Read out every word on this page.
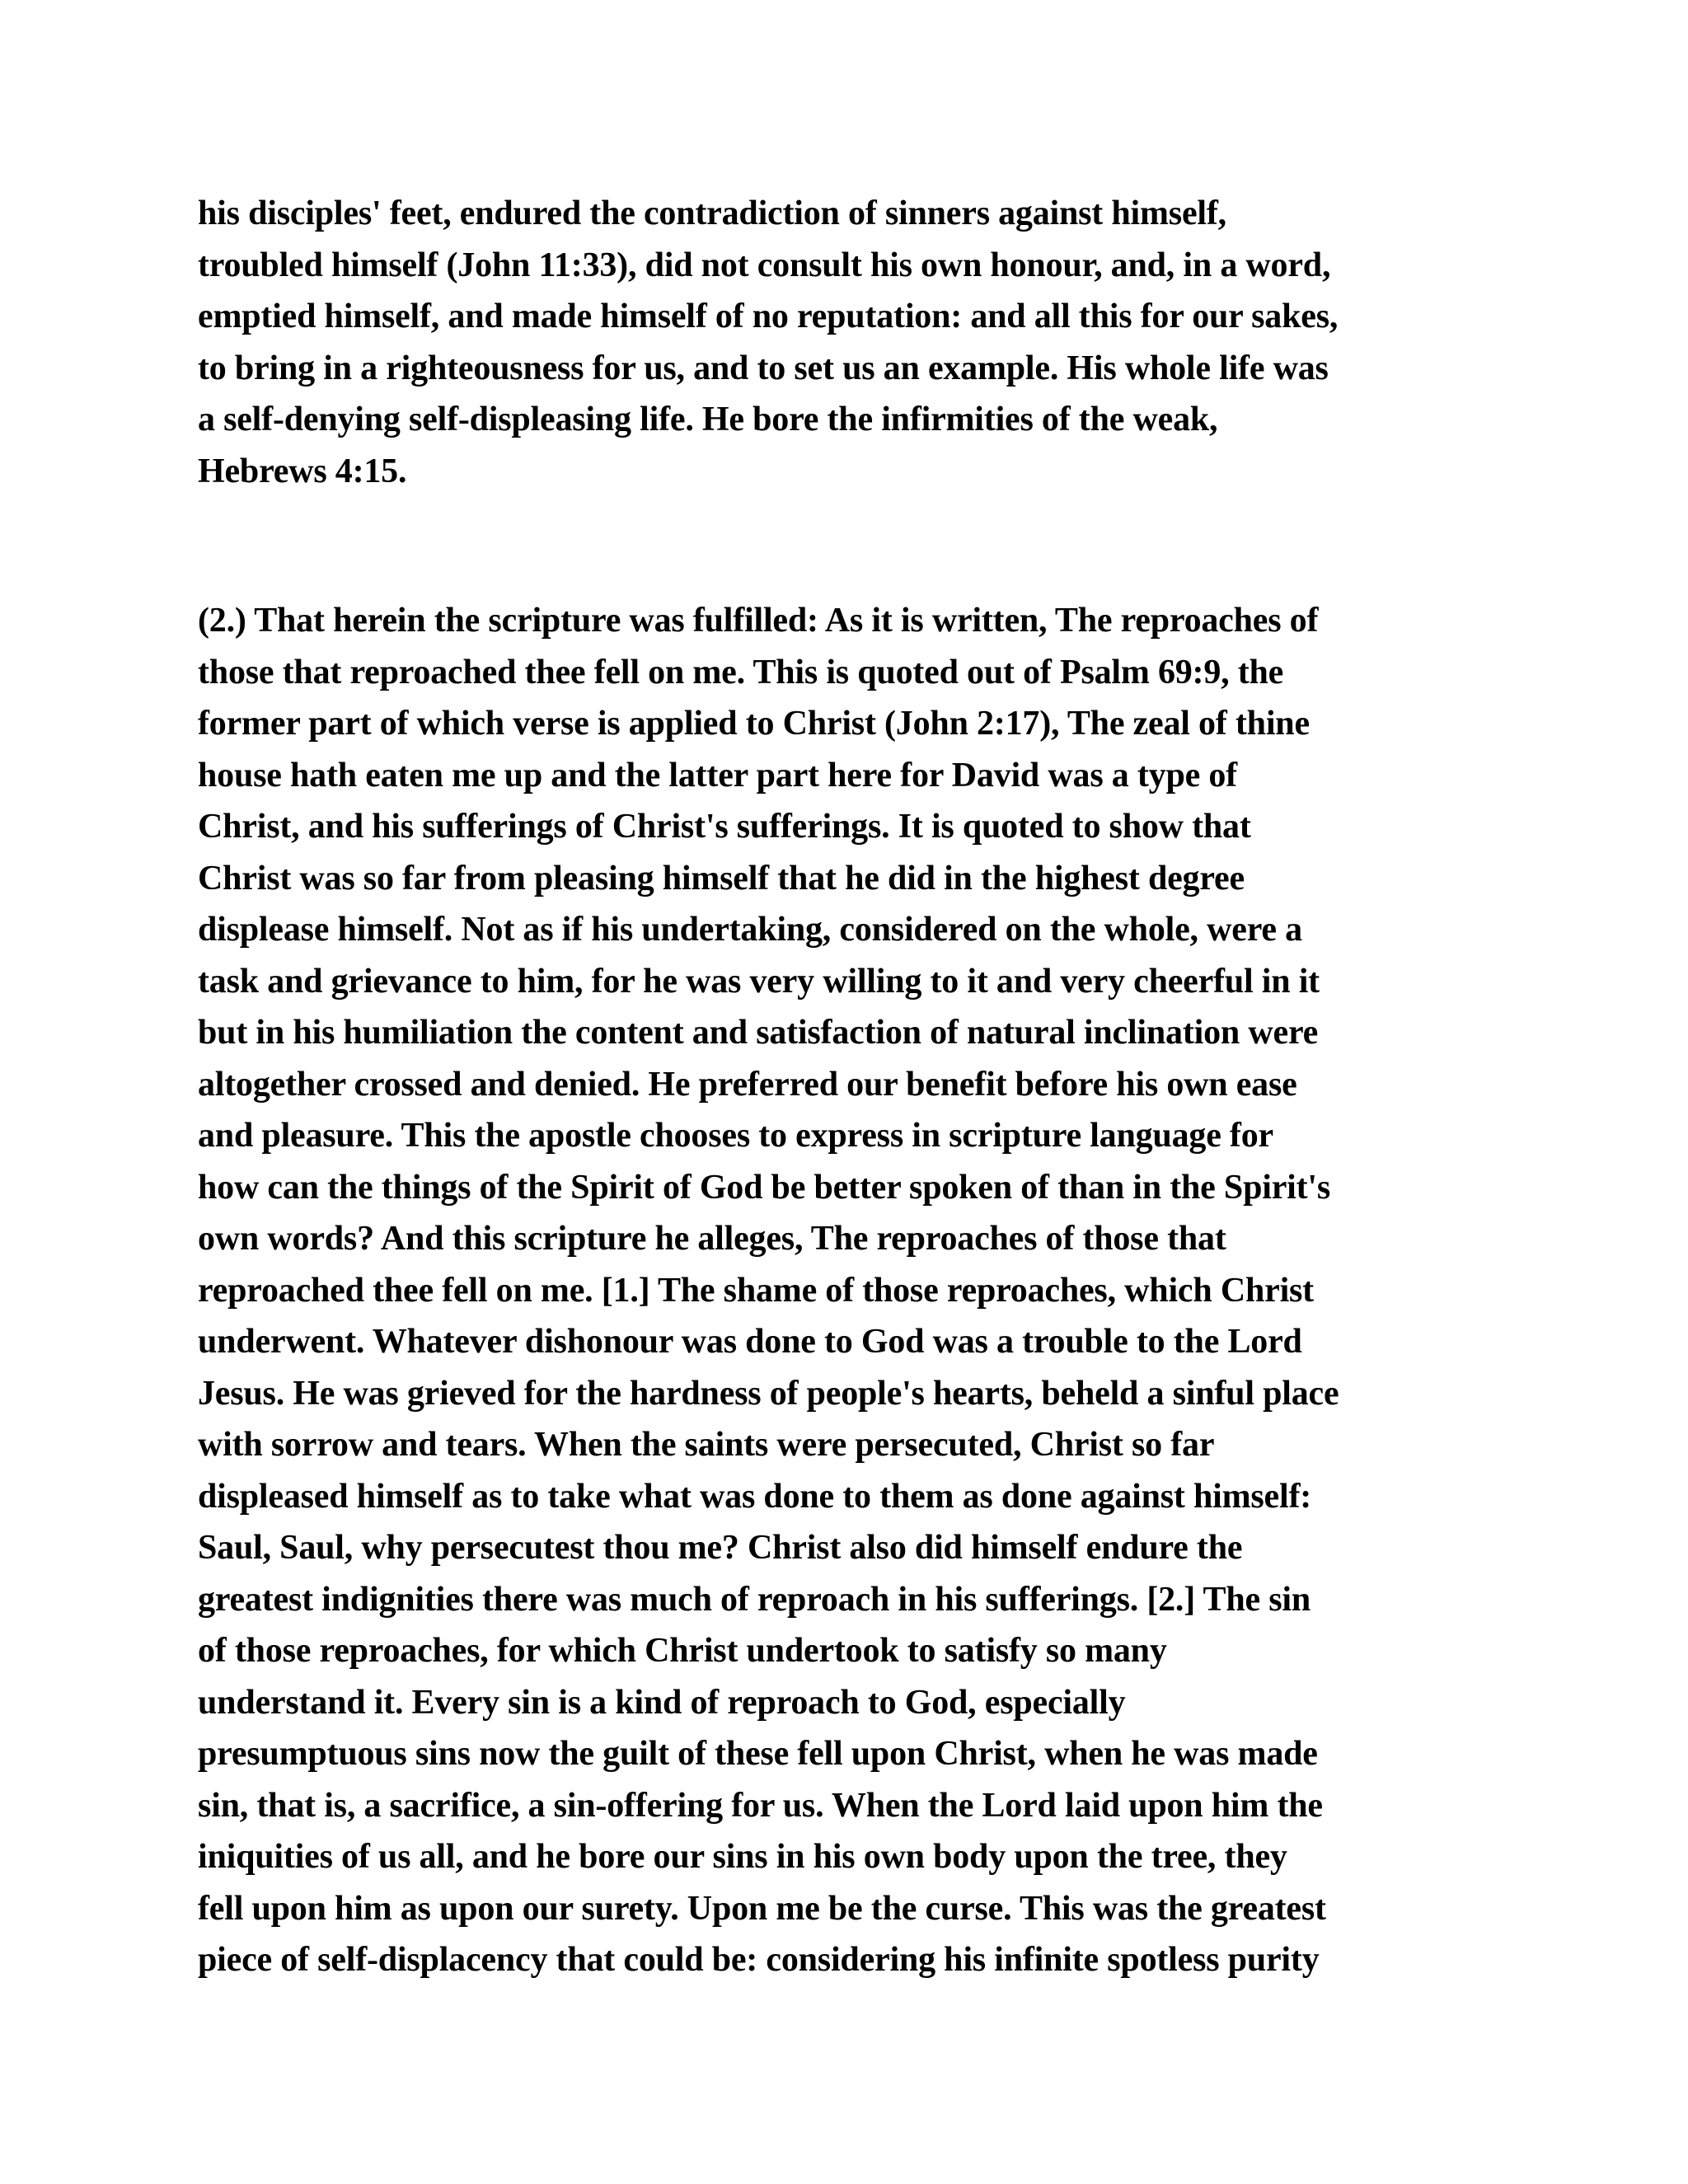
his disciples' feet, endured the contradiction of sinners against himself,
troubled himself (John 11:33), did not consult his own honour, and, in a word,
emptied himself, and made himself of no reputation: and all this for our sakes,
to bring in a righteousness for us, and to set us an example. His whole life was
a self-denying self-displeasing life. He bore the infirmities of the weak,
Hebrews 4:15.

(2.) That herein the scripture was fulfilled: As it is written, The reproaches of
those that reproached thee fell on me. This is quoted out of Psalm 69:9, the
former part of which verse is applied to Christ (John 2:17), The zeal of thine
house hath eaten me up and the latter part here for David was a type of
Christ, and his sufferings of Christ's sufferings. It is quoted to show that
Christ was so far from pleasing himself that he did in the highest degree
displease himself. Not as if his undertaking, considered on the whole, were a
task and grievance to him, for he was very willing to it and very cheerful in it
but in his humiliation the content and satisfaction of natural inclination were
altogether crossed and denied. He preferred our benefit before his own ease
and pleasure. This the apostle chooses to express in scripture language for
how can the things of the Spirit of God be better spoken of than in the Spirit's
own words? And this scripture he alleges, The reproaches of those that
reproached thee fell on me. [1.] The shame of those reproaches, which Christ
underwent. Whatever dishonour was done to God was a trouble to the Lord
Jesus. He was grieved for the hardness of people's hearts, beheld a sinful place
with sorrow and tears. When the saints were persecuted, Christ so far
displeased himself as to take what was done to them as done against himself:
Saul, Saul, why persecutest thou me? Christ also did himself endure the
greatest indignities there was much of reproach in his sufferings. [2.] The sin
of those reproaches, for which Christ undertook to satisfy so many
understand it. Every sin is a kind of reproach to God, especially
presumptuous sins now the guilt of these fell upon Christ, when he was made
sin, that is, a sacrifice, a sin-offering for us. When the Lord laid upon him the
iniquities of us all, and he bore our sins in his own body upon the tree, they
fell upon him as upon our surety. Upon me be the curse. This was the greatest
piece of self-displacency that could be: considering his infinite spotless purity
